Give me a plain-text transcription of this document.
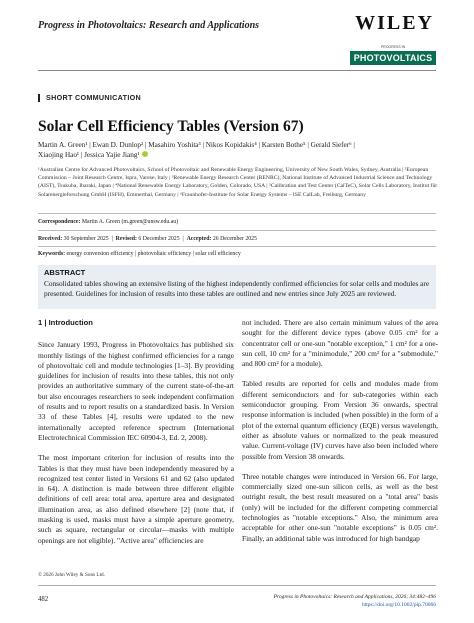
Progress in Photovoltaics: Research and Applications	WILEY
PROGRESS IN
PHOTOVOLTAICS
SHORT COMMUNICATION
Solar Cell Efficiency Tables (Version 67)
Martin A. Green¹ | Ewan D. Dunlop² | Masahiro Yoshita³ | Nikos Kopidakis⁴ | Karsten Bothe⁵ | Gerald Siefer⁶ |
Xiaojing Hao¹ | Jessica Yajie Jiang¹
¹Australian Centre for Advanced Photovoltaics, School of Photovoltaic and Renewable Energy Engineering, University of New South Wales, Sydney, Australia | ²European Commission – Joint Research Centre, Ispra, Varese, Italy | ³Renewable Energy Research Center (RENRC), National Institute of Advanced Industrial Science and Technology (AIST), Tsukuba, Ibaraki, Japan | ⁴National Renewable Energy Laboratory, Golden, Colorado, USA | ⁵Calibration and Test Center (CalTeC), Solar Cells Laboratory, Institut für Solarenergieforschung GmbH (ISFH), Emmerthal, Germany | ⁶Fraunhofer-Institute for Solar Energy Systems – ISE CalLab, Freiburg, Germany
Correspondence: Martin A. Green (m.green@unsw.edu.au)
Received: 30 September 2025  |  Revised: 6 December 2025  |  Accepted: 26 December 2025
Keywords: energy conversion efficiency | photovoltaic efficiency | solar cell efficiency
ABSTRACT
Consolidated tables showing an extensive listing of the highest independently confirmed efficiencies for solar cells and modules are presented. Guidelines for inclusion of results into these tables are outlined and new entries since July 2025 are reviewed.
1 | Introduction

Since January 1993, Progress in Photovoltaics has published six monthly listings of the highest confirmed efficiencies for a range of photovoltaic cell and module technologies [1–3]. By providing guidelines for inclusion of results into these tables, this not only provides an authoritative summary of the current state-of-the-art but also encourages researchers to seek independent confirmation of results and to report results on a standardized basis. In Version 33 of these Tables [4], results were updated to the new internationally accepted reference spectrum (International Electrotechnical Commission IEC 60904-3, Ed. 2, 2008).

The most important criterion for inclusion of results into the Tables is that they must have been independently measured by a recognized test center listed in Versions 61 and 62 (also updated in 64). A distinction is made between three different eligible definitions of cell area: total area, aperture area and designated illumination area, as also defined elsewhere [2] (note that, if masking is used, masks must have a simple aperture geometry, such as square, rectangular or circular—masks with multiple openings are not eligible). "Active area" efficiencies are

not included. There are also certain minimum values of the area sought for the different device types (above 0.05 cm² for a concentrator cell or one-sun "notable exception," 1 cm² for a one-sun cell, 10 cm² for a "minimodule," 200 cm² for a "submodule," and 800 cm² for a module).

Tabled results are reported for cells and modules made from different semiconductors and for sub-categories within each semiconductor grouping. From Version 36 onwards, spectral response information is included (when possible) in the form of a plot of the external quantum efficiency (EQE) versus wavelength, either as absolute values or normalized to the peak measured value. Current-voltage (IV) curves have also been included where possible from Version 38 onwards.

Three notable changes were introduced in Version 66. For large, commercially sized one-sun silicon cells, as well as the best outright result, the best result measured on a "total area" basis (only) will be included for the different competing commercial technologies as "notable exceptions." Also, the minimum area acceptable for other one-sun "notable exceptions" is 0.05 cm². Finally, an additional table was introduced for high bandgap

© 2026 John Wiley & Sons Ltd.
482	Progress in Photovoltaics: Research and Applications, 2026; 34:482–496
https://doi.org/10.1002/pip.70066
